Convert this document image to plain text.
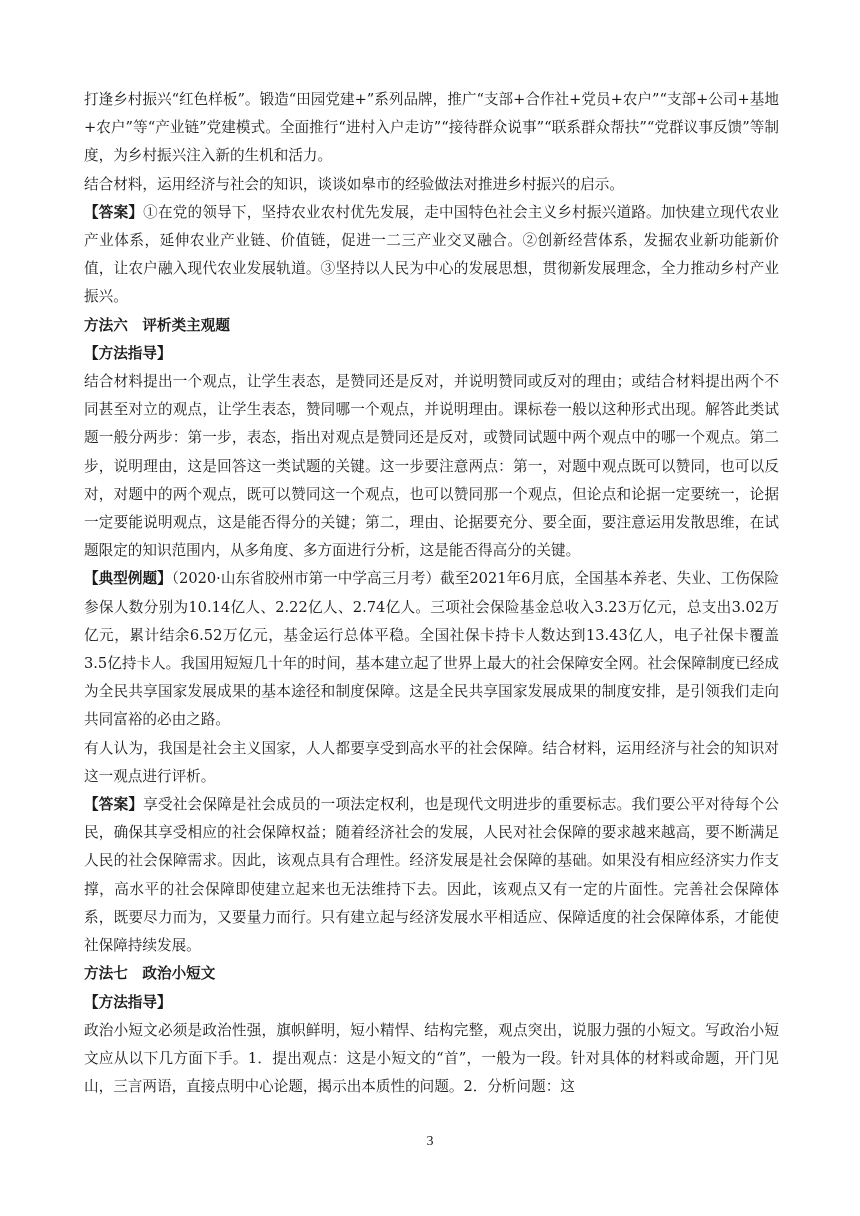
打逢乡村振兴“红色样板”。锻造“田园党建+”系列品牌，推广“支部+合作社+党员+农户”“支部+公司+基地+农户”等“产业链”党建模式。全面推行“进村入户走访”“接待群众说事”“联系群众帮扶”“党群议事反馈”等制度，为乡村振兴注入新的生机和活力。

结合材料，运用经济与社会的知识，谈谈如皋市的经验做法对推进乡村振兴的启示。

【答案】①在党的领导下，坚持农业农村优先发展，走中国特色社会主义乡村振兴道路。加快建立现代农业产业体系，延伸农业产业链、价值链，促进一二三产业交叉融合。②创新经营体系，发掘农业新功能新价值，让农户融入现代农业发展轨道。③坚持以人民为中心的发展思想，贯彻新发展理念，全力推动乡村产业振兴。

方法六　评析类主观题

【方法指导】

结合材料提出一个观点，让学生表态，是赞同还是反对，并说明赞同或反对的理由；或结合材料提出两个不同甚至对立的观点，让学生表态，赞同哪一个观点，并说明理由。课标卷一般以这种形式出现。解答此类试题一般分两步：第一步，表态，指出对观点是赞同还是反对，或赞同试题中两个观点中的哪一个观点。第二步，说明理由，这是回答这一类试题的关键。这一步要注意两点：第一，对题中观点既可以赞同，也可以反对，对题中的两个观点，既可以赞同这一个观点，也可以赞同那一个观点，但论点和论据一定要统一，论据一定要能说明观点，这是能否得分的关键；第二，理由、论据要充分、要全面，要注意运用发散思维，在试题限定的知识范围内，从多角度、多方面进行分析，这是能否得高分的关键。

【典型例题】（2020·山东省胶州市第一中学高三月考）截至2021年6月底，全国基本养老、失业、工伤保险参保人数分别为10.14亿人、2.22亿人、2.74亿人。三项社会保险基金总收入3.23万亿元，总支出3.02万亿元，累计结余6.52万亿元，基金运行总体平稳。全国社保卡持卡人数达到13.43亿人，电子社保卡覆盖3.5亿持卡人。我国用短短几十年的时间，基本建立起了世界上最大的社会保障安全网。社会保障制度已经成为全民共享国家发展成果的基本途径和制度保障。这是全民共享国家发展成果的制度安排，是引领我们走向共同富裕的必由之路。

有人认为，我国是社会主义国家，人人都要享受到高水平的社会保障。结合材料，运用经济与社会的知识对这一观点进行评析。

【答案】享受社会保障是社会成员的一项法定权利，也是现代文明进步的重要标志。我们要公平对待每个公民，确保其享受相应的社会保障权益；随着经济社会的发展，人民对社会保障的要求越来越高，要不断满足人民的社会保障需求。因此，该观点具有合理性。经济发展是社会保障的基础。如果没有相应经济实力作支撑，高水平的社会保障即使建立起来也无法维持下去。因此，该观点又有一定的片面性。完善社会保障体系，既要尽力而为，又要量力而行。只有建立起与经济发展水平相适应、保障适度的社会保障体系，才能使社保障持续发展。

方法七　政治小短文

【方法指导】

政治小短文必须是政治性强，旗帜鲜明，短小精悍、结构完整，观点突出，说服力强的小短文。写政治小短文应从以下几方面下手。1．提出观点：这是小短文的“首”，一般为一段。针对具体的材料或命题，开门见山，三言两语，直接点明中心论题，揭示出本质性的问题。2．分析问题：这

3
